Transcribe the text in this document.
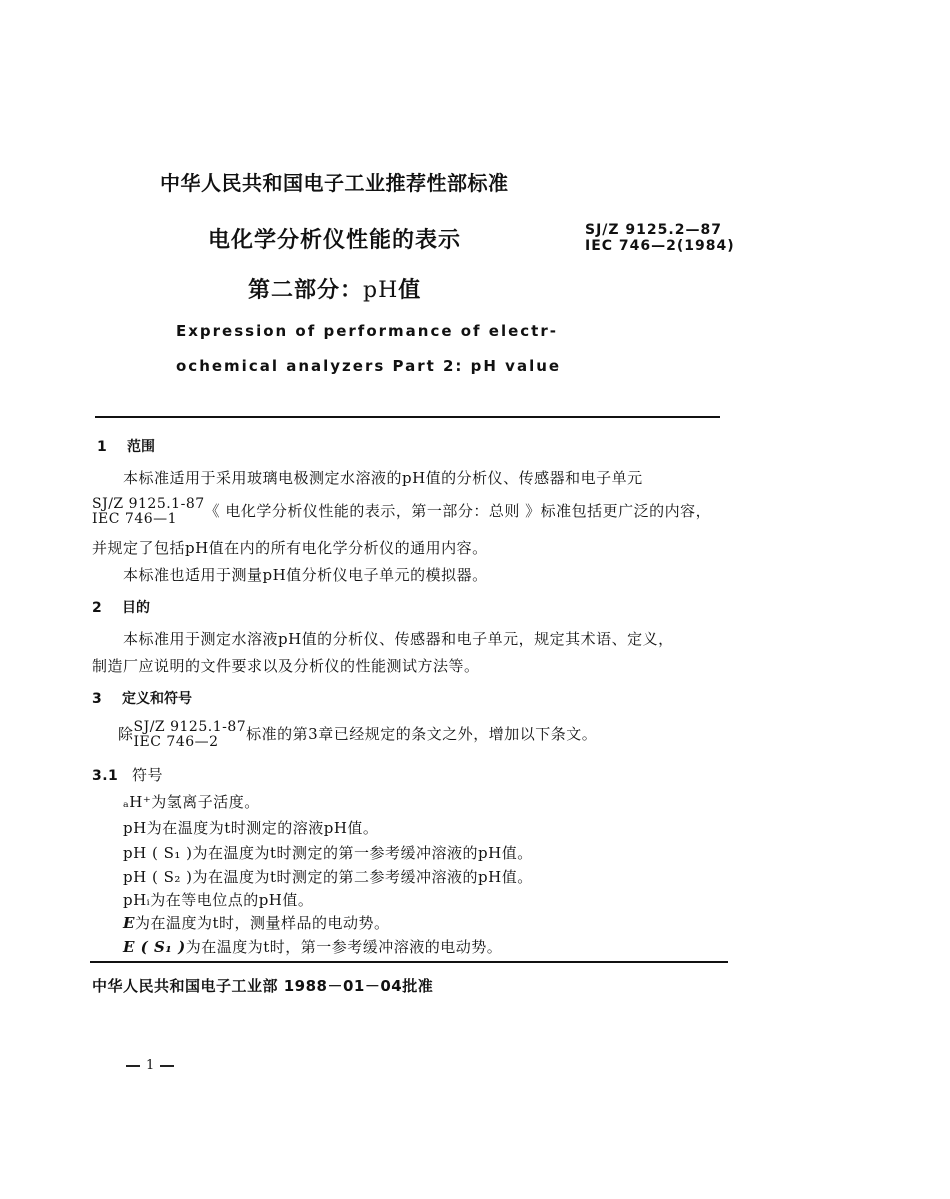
中华人民共和国电子工业推荐性部标准
电化学分析仪性能的表示	SJ/Z 9125.2—87
IEC 746—2(1984)
第二部分：pH值
Expression of performance of electr-
ochemical analyzers Part 2: pH value
1 范围
本标准适用于采用玻璃电极测定水溶液的pH值的分析仪、传感器和电子单元
SJ/Z 9125.1-87
IEC 746—1	《 电化学分析仪性能的表示，第一部分：总则 》标准包括更广泛的内容，
并规定了包括pH值在内的所有电化学分析仪的通用内容。
本标准也适用于测量pH值分析仪电子单元的模拟器。
2 目的
本标准用于测定水溶液pH值的分析仪、传感器和电子单元，规定其术语、定义，
制造厂应说明的文件要求以及分析仪的性能测试方法等。
3 定义和符号
除 SJ/Z 9125.1-87
IEC 746—2	标准的第3章已经规定的条文之外，增加以下条文。
3.1 符号
ₐH⁺为氢离子活度。
pH为在温度为t时测定的溶液pH值。
pH ( S₁ )为在温度为t时测定的第一参考缓冲溶液的pH值。
pH ( S₂ )为在温度为t时测定的第二参考缓冲溶液的pH值。
pHᵢ为在等电位点的pH值。
E为在温度为t时，测量样品的电动势。
E ( S₁ )为在温度为t时，第一参考缓冲溶液的电动势。
中华人民共和国电子工业部 1988－01－04批准
1
